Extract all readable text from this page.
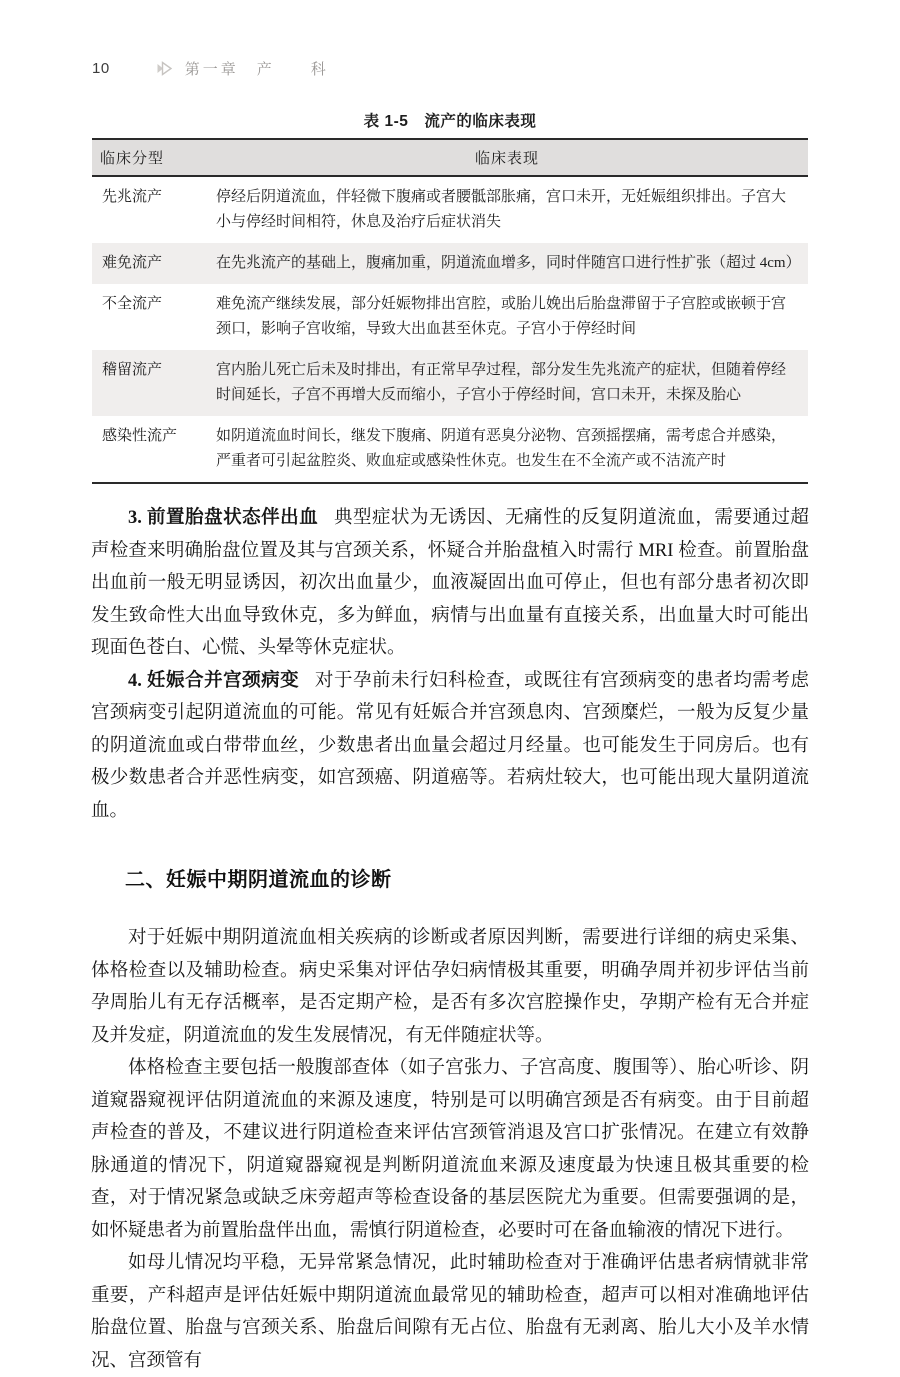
10	第一章　产　　科
表 1-5　流产的临床表现
临床分型	临床表现
先兆流产	停经后阴道流血，伴轻微下腹痛或者腰骶部胀痛，宫口未开，无妊娠组织排出。子宫大小与停经时间相符，休息及治疗后症状消失
难免流产	在先兆流产的基础上，腹痛加重，阴道流血增多，同时伴随宫口进行性扩张（超过 4cm）
不全流产	难免流产继续发展，部分妊娠物排出宫腔，或胎儿娩出后胎盘滞留于子宫腔或嵌顿于宫颈口，影响子宫收缩，导致大出血甚至休克。子宫小于停经时间
稽留流产	宫内胎儿死亡后未及时排出，有正常早孕过程，部分发生先兆流产的症状，但随着停经时间延长，子宫不再增大反而缩小，子宫小于停经时间，宫口未开，未探及胎心
感染性流产	如阴道流血时间长，继发下腹痛、阴道有恶臭分泌物、宫颈摇摆痛，需考虑合并感染，严重者可引起盆腔炎、败血症或感染性休克。也发生在不全流产或不洁流产时

3. 前置胎盘状态伴出血 典型症状为无诱因、无痛性的反复阴道流血，需要通过超声检查来明确胎盘位置及其与宫颈关系，怀疑合并胎盘植入时需行 MRI 检查。前置胎盘出血前一般无明显诱因，初次出血量少，血液凝固出血可停止，但也有部分患者初次即发生致命性大出血导致休克，多为鲜血，病情与出血量有直接关系，出血量大时可能出现面色苍白、心慌、头晕等休克症状。

4. 妊娠合并宫颈病变 对于孕前未行妇科检查，或既往有宫颈病变的患者均需考虑宫颈病变引起阴道流血的可能。常见有妊娠合并宫颈息肉、宫颈糜烂，一般为反复少量的阴道流血或白带带血丝，少数患者出血量会超过月经量。也可能发生于同房后。也有极少数患者合并恶性病变，如宫颈癌、阴道癌等。若病灶较大，也可能出现大量阴道流血。

二、妊娠中期阴道流血的诊断

对于妊娠中期阴道流血相关疾病的诊断或者原因判断，需要进行详细的病史采集、体格检查以及辅助检查。病史采集对评估孕妇病情极其重要，明确孕周并初步评估当前孕周胎儿有无存活概率，是否定期产检，是否有多次宫腔操作史，孕期产检有无合并症及并发症，阴道流血的发生发展情况，有无伴随症状等。

体格检查主要包括一般腹部查体（如子宫张力、子宫高度、腹围等）、胎心听诊、阴道窥器窥视评估阴道流血的来源及速度，特别是可以明确宫颈是否有病变。由于目前超声检查的普及，不建议进行阴道检查来评估宫颈管消退及宫口扩张情况。在建立有效静脉通道的情况下，阴道窥器窥视是判断阴道流血来源及速度最为快速且极其重要的检查，对于情况紧急或缺乏床旁超声等检查设备的基层医院尤为重要。但需要强调的是，如怀疑患者为前置胎盘伴出血，需慎行阴道检查，必要时可在备血输液的情况下进行。

如母儿情况均平稳，无异常紧急情况，此时辅助检查对于准确评估患者病情就非常重要，产科超声是评估妊娠中期阴道流血最常见的辅助检查，超声可以相对准确地评估胎盘位置、胎盘与宫颈关系、胎盘后间隙有无占位、胎盘有无剥离、胎儿大小及羊水情况、宫颈管有
